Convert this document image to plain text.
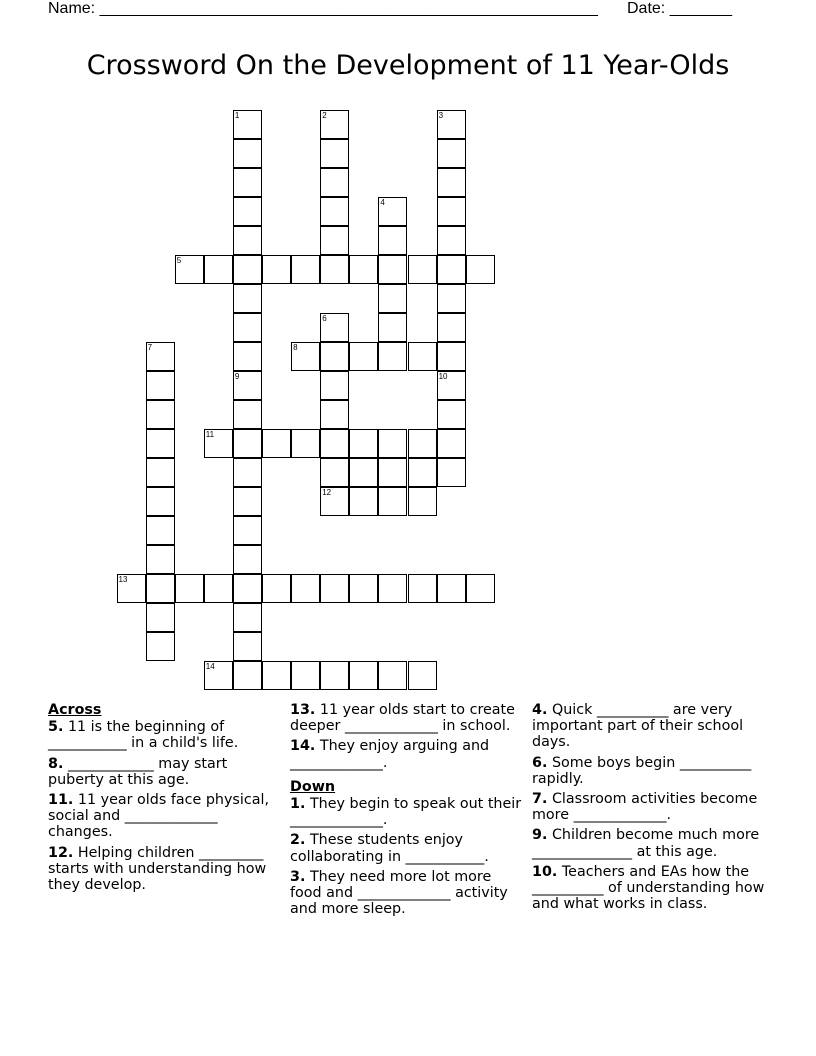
Name: ________________________________________________________ Date: _______
Crossword On the Development of 11 Year-Olds
1	2	3
4
5
6
12
7	8
9	10
11
13
14
Across
5. 11 is the beginning of ___________ in a child's life.
8. ____________ may start puberty at this age.
11. 11 year olds face physical, social and _____________ changes.
12. Helping children _________ starts with understanding how they develop.
13. 11 year olds start to create deeper _____________ in school.
14. They enjoy arguing and _____________.
Down
1. They begin to speak out their _____________.
2. These students enjoy collaborating in ___________.
3. They need more lot more food and _____________ activity and more sleep.
4. Quick __________ are very important part of their school days.
6. Some boys begin __________ rapidly.
7. Classroom activities become more _____________.
9. Children become much more ______________ at this age.
10. Teachers and EAs how the __________ of understanding how and what works in class.
